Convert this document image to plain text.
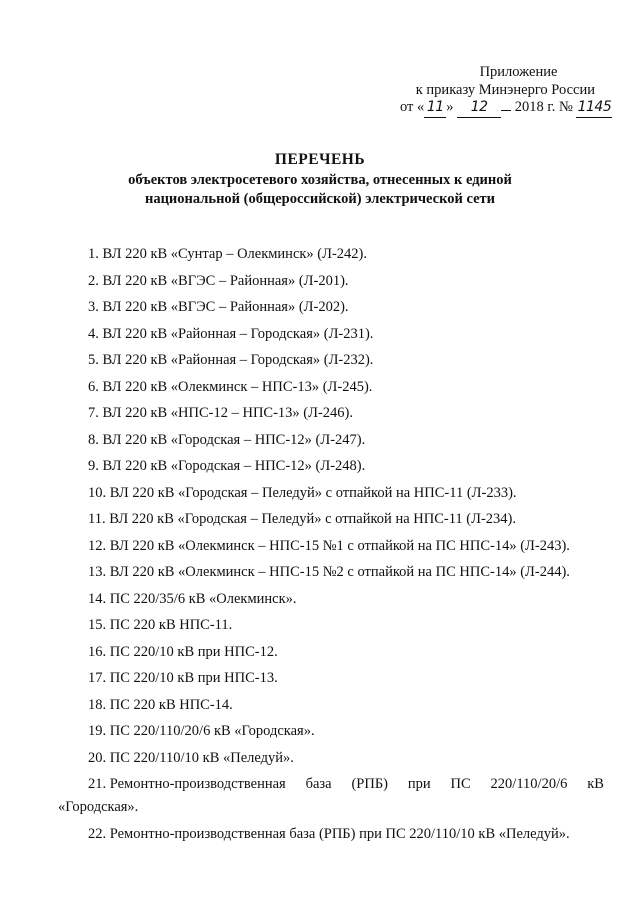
Приложение
к приказу Минэнерго России
от « 11 » 12 2018 г. № 1145
ПЕРЕЧЕНЬ
объектов электросетевого хозяйства, отнесенных к единой
национальной (общероссийской) электрической сети
1. ВЛ 220 кВ «Сунтар – Олекминск» (Л-242).
2. ВЛ 220 кВ «ВГЭС – Районная» (Л-201).
3. ВЛ 220 кВ «ВГЭС – Районная» (Л-202).
4. ВЛ 220 кВ «Районная – Городская» (Л-231).
5. ВЛ 220 кВ «Районная – Городская» (Л-232).
6. ВЛ 220 кВ «Олекминск – НПС-13» (Л-245).
7. ВЛ 220 кВ «НПС-12 – НПС-13» (Л-246).
8. ВЛ 220 кВ «Городская – НПС-12» (Л-247).
9. ВЛ 220 кВ «Городская – НПС-12» (Л-248).
10. ВЛ 220 кВ «Городская – Пеледуй» с отпайкой на НПС-11 (Л-233).
11. ВЛ 220 кВ «Городская – Пеледуй» с отпайкой на НПС-11 (Л-234).
12. ВЛ 220 кВ «Олекминск – НПС-15 №1 с отпайкой на ПС НПС-14» (Л-243).
13. ВЛ 220 кВ «Олекминск – НПС-15 №2 с отпайкой на ПС НПС-14» (Л-244).
14. ПС 220/35/6 кВ «Олекминск».
15. ПС 220 кВ НПС-11.
16. ПС 220/10 кВ при НПС-12.
17. ПС 220/10 кВ при НПС-13.
18. ПС 220 кВ НПС-14.
19. ПС 220/110/20/6 кВ «Городская».
20. ПС 220/110/10 кВ «Пеледуй».
21. Ремонтно-производственная база (РПБ) при ПС 220/110/20/6 кВ
«Городская».
22. Ремонтно-производственная база (РПБ) при ПС 220/110/10 кВ «Пеледуй».
